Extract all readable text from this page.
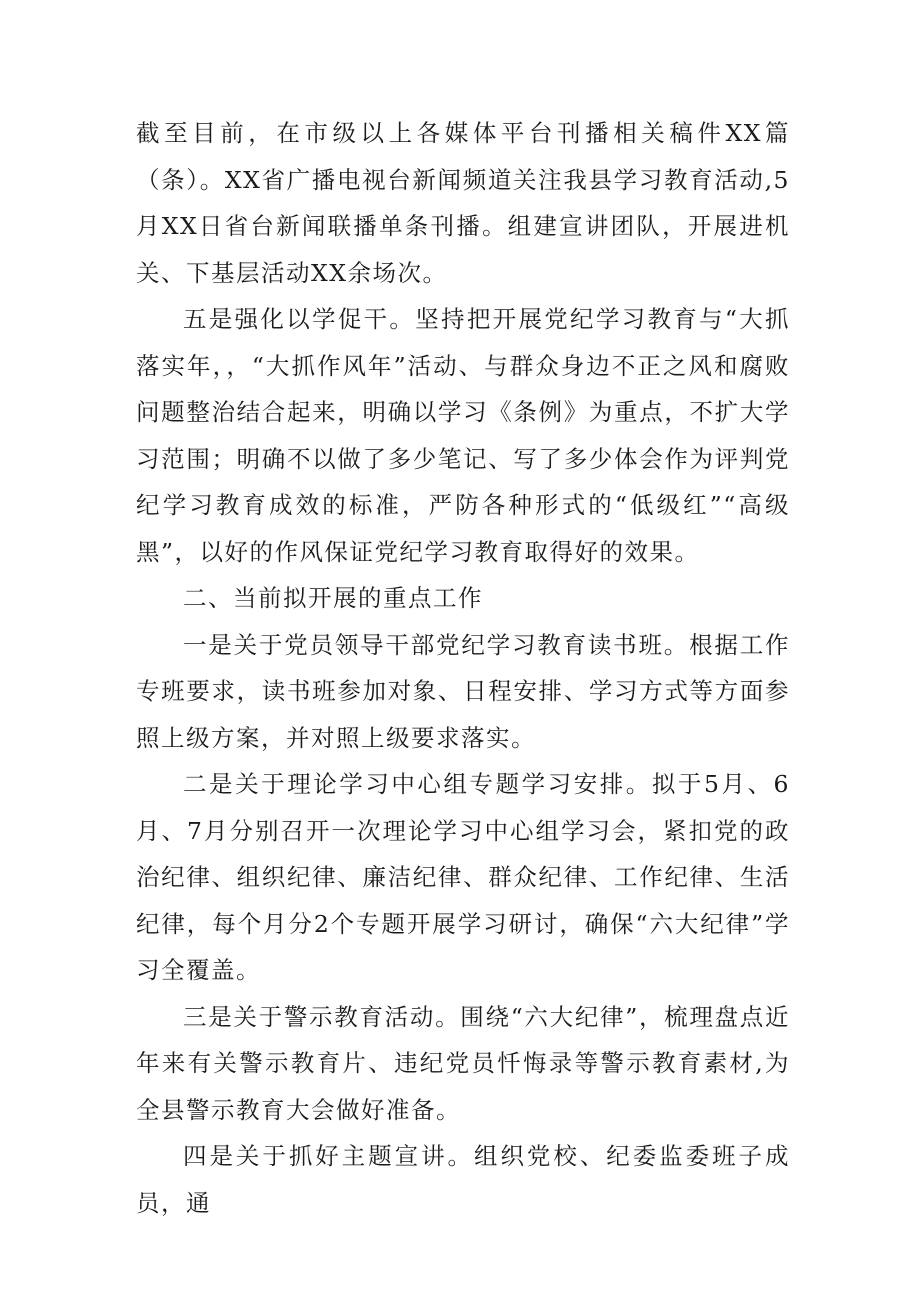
截至目前，在市级以上各媒体平台刊播相关稿件XX篇（条）。XX省广播电视台新闻频道关注我县学习教育活动,5月XX日省台新闻联播单条刊播。组建宣讲团队，开展进机关、下基层活动XX余场次。

五是强化以学促干。坚持把开展党纪学习教育与“大抓落实年，，“大抓作风年”活动、与群众身边不正之风和腐败问题整治结合起来，明确以学习《条例》为重点，不扩大学习范围；明确不以做了多少笔记、写了多少体会作为评判党纪学习教育成效的标准，严防各种形式的“低级红”“高级黑”，以好的作风保证党纪学习教育取得好的效果。

二、当前拟开展的重点工作

一是关于党员领导干部党纪学习教育读书班。根据工作专班要求，读书班参加对象、日程安排、学习方式等方面参照上级方案，并对照上级要求落实。

二是关于理论学习中心组专题学习安排。拟于5月、6月、7月分别召开一次理论学习中心组学习会，紧扣党的政治纪律、组织纪律、廉洁纪律、群众纪律、工作纪律、生活纪律，每个月分2个专题开展学习研讨，确保“六大纪律”学习全覆盖。

三是关于警示教育活动。围绕“六大纪律”，梳理盘点近年来有关警示教育片、违纪党员忏悔录等警示教育素材,为全县警示教育大会做好准备。

四是关于抓好主题宣讲。组织党校、纪委监委班子成员，通
